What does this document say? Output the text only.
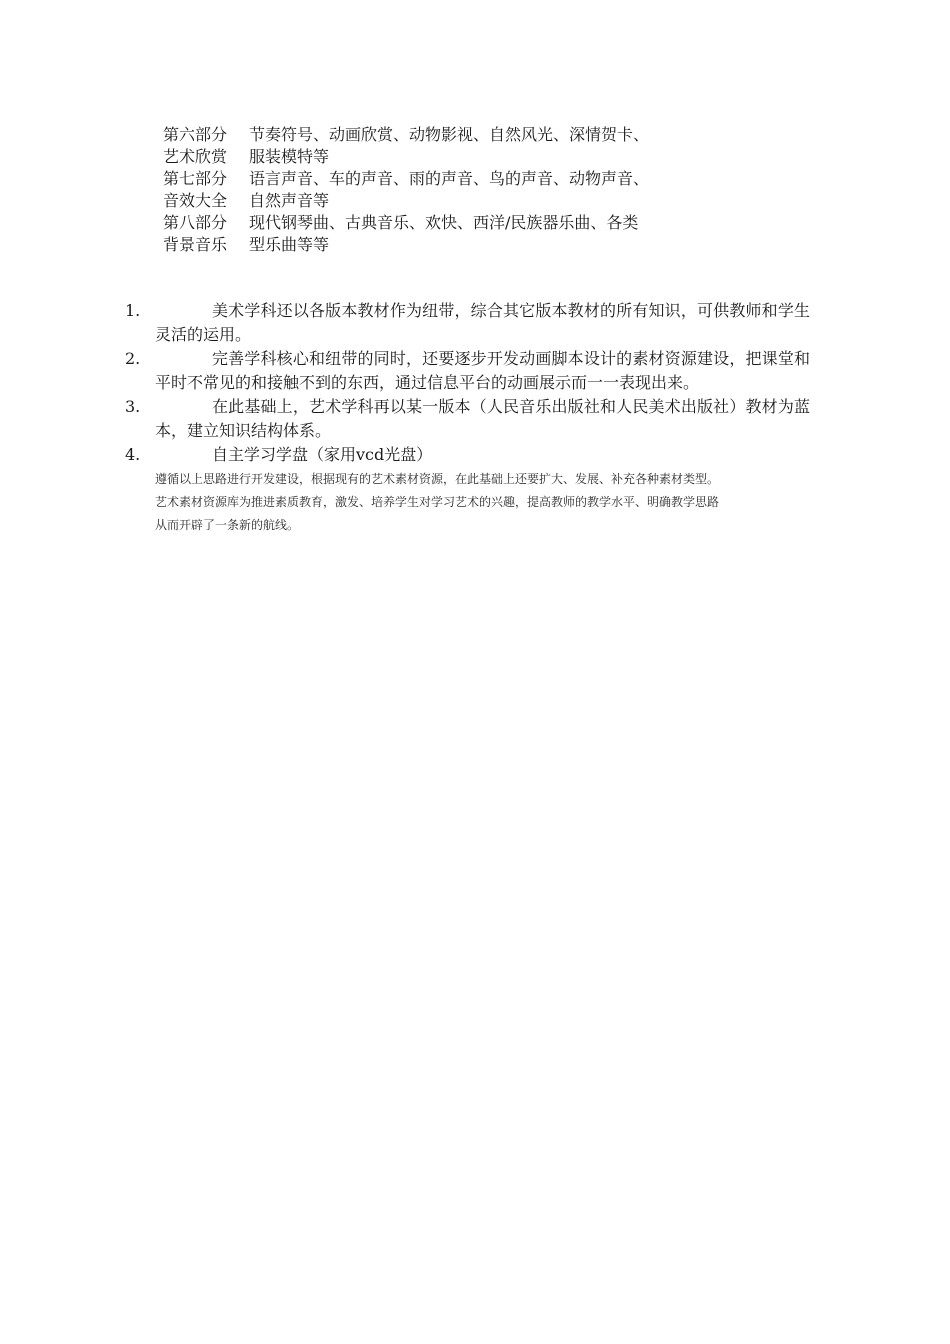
第六部分	节奏符号、动画欣赏、动物影视、自然风光、深情贺卡、
艺术欣赏	服装模特等
第七部分	语言声音、车的声音、雨的声音、鸟的声音、动物声音、
音效大全	自然声音等
第八部分	现代钢琴曲、古典音乐、欢快、西洋/民族器乐曲、各类
背景音乐	型乐曲等等
1.	美术学科还以各版本教材作为纽带，综合其它版本教材的所有知识，可供教师和学生灵活的运用。

2.	完善学科核心和纽带的同时，还要逐步开发动画脚本设计的素材资源建设，把课堂和平时不常见的和接触不到的东西，通过信息平台的动画展示而一一表现出来。

3.	在此基础上，艺术学科再以某一版本（人民音乐出版社和人民美术出版社）教材为蓝本，建立知识结构体系。

4.	自主学习学盘（家用vcd光盘）

遵循以上思路进行开发建设，根据现有的艺术素材资源，在此基础上还要扩大、发展、补充各种素材类型。
艺术素材资源库为推进素质教育，激发、培养学生对学习艺术的兴趣，提高教师的教学水平、明确教学思路
从而开辟了一条新的航线。
